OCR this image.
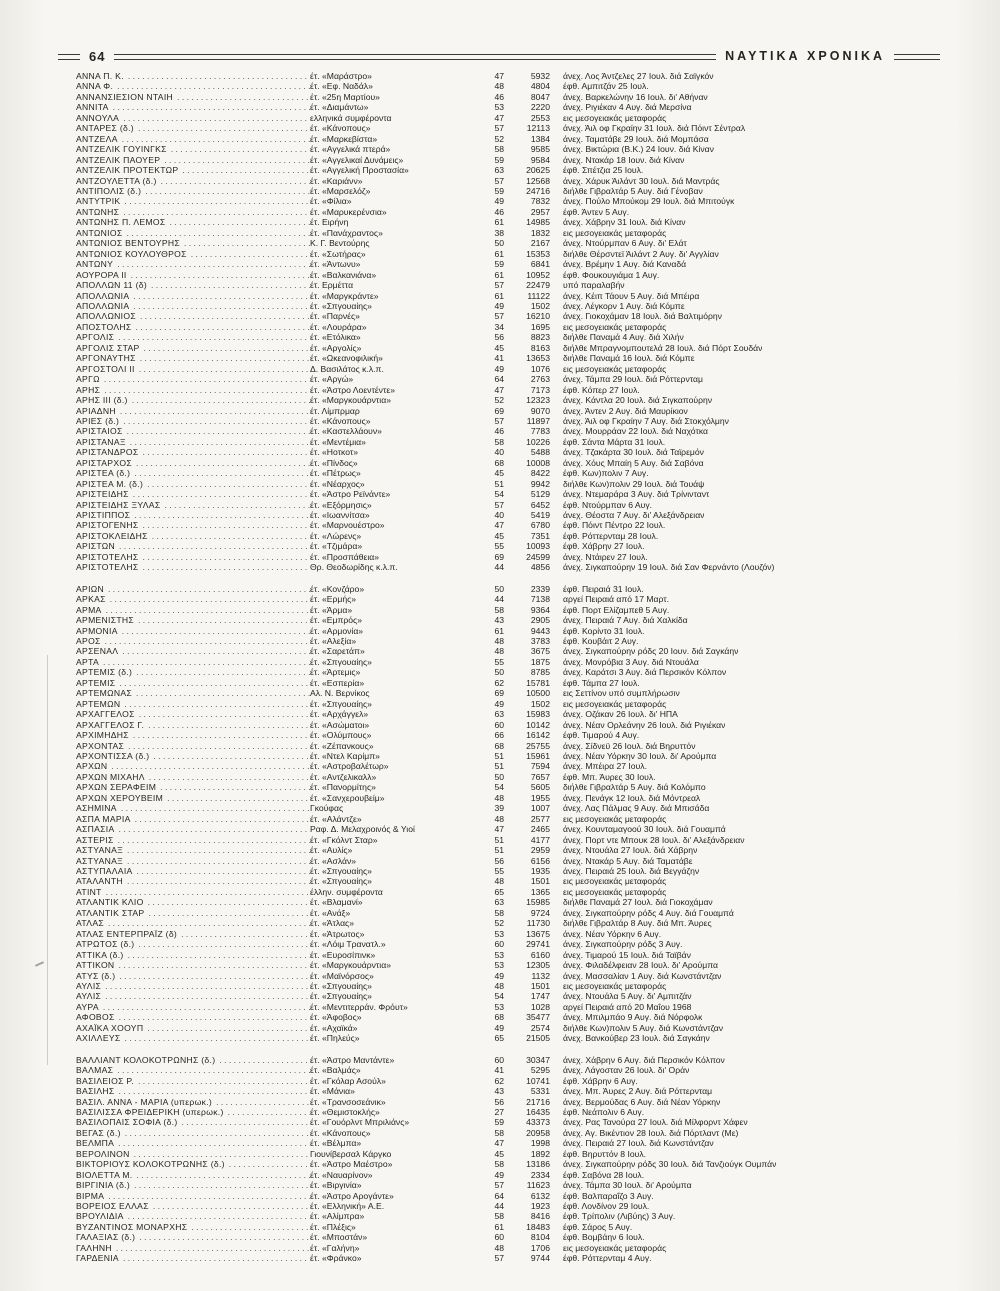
64	ΝΑΥΤΙΚΑ ΧΡΟΝΙΚΑ
ΑΝΝΑ Π. Κ. . . .	έτ. «Μαράστρο»	47	5932	άνεχ. Λος Άντζελες 27 Ιουλ. διά Σαϊγκόν
ΑΝΝΑ Φ. . . .	έτ. «Εφ. Ναδάλ»	48	4804	έφθ. Αμπιτζάν 25 Ιουλ.
ΑΝΝΑΝΣΙΕΣΙΟΝ ΝΤΑΙΗ . . .	έτ. «25η Μαρτίου»	46	8047	άνεχ. Βαρκελώνην 16 Ιουλ. δι' Αθήναν
ΑΝΝΙΤΑ . . .	έτ. «Διαμάντω»	53	2220	άνεχ. Ριγιέκαν 4 Αυγ. διά Μερσίνα
ΑΝΝΟΥΛΑ . . .	ελληνικά συμφέροντα	47	2553	εις μεσογειακάς μεταφοράς
ΑΝΤΑΡΕΣ (δ.) . . .	έτ. «Κάνοπους»	57	12113	άνεχ. Άιλ οφ Γκραίην 31 Ιουλ. διά Πόιντ Σέντραλ
ΑΝΤΖΕΛΑ . . .	έτ. «Μαρκεβίστα»	52	1384	άνεχ. Ταματάβε 29 Ιουλ. διά Μομπάσα
ΑΝΤΖΕΛΙΚ ΓΟΥΙΝΓΚΣ . . .	έτ. «Αγγελικά πτερά»	58	9585	άνεχ. Βικτώρια (Β.Κ.) 24 Ιουν. διά Κίναν
ΑΝΤΖΕΛΙΚ ΠΑΟΥΕΡ . . .	έτ. «Αγγελικαί Δυνάμεις»	59	9584	άνεχ. Ντακάρ 18 Ιουν. διά Κίναν
ΑΝΤΖΕΛΙΚ ΠΡΟΤΕΚΤΩΡ . . .	έτ. «Αγγελική Προστασία»	63	20625	έφθ. Σπέτζια 25 Ιουλ.
ΑΝΤΖΟΥΛΕΤΤΑ (δ.) . . .	έτ. «Καριάνν»	57	12568	άνεχ. Χάρυκ Άιλάντ 30 Ιουλ. διά Μαντράς
ΑΝΤΙΠΟΛΙΣ (δ.) . . .	έτ. «Μαρσελόζ»	59	24716	διήλθε Γιβραλτάρ 5 Αυγ. διά Γένοβαν
ΑΝΤΥΤΡΙΚ . . .	έτ. «Φίλια»	49	7832	άνεχ. Πούλο Μπούκομ 29 Ιουλ. διά Μπιτούγκ
ΑΝΤΩΝΗΣ . . .	έτ. «Μαρυκερένσια»	46	2957	έφθ. Άντεν 5 Αυγ.
ΑΝΤΩΝΗΣ Π. ΛΕΜΟΣ . . .	έτ. Ειρήνη	61	14985	άνεχ. Χάβρην 31 Ιουλ. διά Κίναν
ΑΝΤΩΝΙΟΣ . . .	έτ. «Πανάχραντος»	38	1832	εις μεσογειακάς μεταφοράς
ΑΝΤΩΝΙΟΣ ΒΕΝΤΟΥΡΗΣ . . .	Κ. Γ. Βεντούρης	50	2167	άνεχ. Ντούρμπαν 6 Αυγ. δι' Ελάτ
ΑΝΤΩΝΙΟΣ ΚΟΥΛΟΥΘΡΟΣ . . .	έτ. «Σωτήρας»	61	15353	διήλθε Θέρσντεϊ Άιλάντ 2 Αυγ. δι' Αγγλίαν
ΑΝΤΩΝΥ . . .	έτ. «Άντωνυ»	59	6841	άνεχ. Βρέμην 1 Αυγ. διά Καναδά
ΑΟΥΡΟΡΑ ΙΙ . . .	έτ. «Βαλκανιάνα»	61	10952	έφθ. Φουκουγιάμα 1 Αυγ.
ΑΠΟΛΛΩΝ 11 (δ) . . .	έτ. Ερμέττα	57	22479	υπό παραλαβήν
ΑΠΟΛΛΩΝΙΑ . . .	έτ. «Μαργκράντε»	61	11122	άνεχ. Κέιπ Τάουν 5 Αυγ. διά Μπέιρα
ΑΠΟΛΛΩΝΙΑ . . .	έτ. «Σπγουαίης»	49	1502	άνεχ. Λέγκορν 1 Αυγ. διά Κόμπε
ΑΠΟΛΛΩΝΙΟΣ . . .	έτ. «Παρνές»	57	16210	άνεχ. Γιοκοχάμαν 18 Ιουλ. διά Βαλτιμόρην
ΑΠΟΣΤΟΛΗΣ . . .	έτ. «Λουράρα»	34	1695	εις μεσογειακάς μεταφοράς
ΑΡΓΟΛΙΣ . . .	έτ. «Ετόλικα»	56	8823	διήλθε Παναμά 4 Αυγ. διά Χιλήν
ΑΡΓΟΛΙΣ ΣΤΑΡ . . .	έτ. «Αργολίς»	45	8163	διήλθε Μπραγνομπουτελά 28 Ιουλ. διά Πόρτ Σουδάν
ΑΡΓΟΝΑΥΤΗΣ . . .	έτ. «Ωκεανοφιλική»	41	13653	διήλθε Παναμά 16 Ιουλ. διά Κόμπε
ΑΡΓΟΣΤΟΛΙ ΙΙ . . .	Δ. Βασιλάτος κ.λ.π.	49	1076	εις μεσογειακάς μεταφοράς
ΑΡΓΩ . . .	έτ. «Αργώ»	64	2763	άνεχ. Τάμπα 29 Ιουλ. διά Ρόττερνταμ
ΑΡΗΣ . . .	έτ. «Άστρο Λοεντέντε»	47	7173	έφθ. Κόπερ 27 Ιουλ.
ΑΡΗΣ ΙΙΙ (δ.) . . .	έτ. «Μαργκουάρντια»	52	12323	άνεχ. Κάντλα 20 Ιουλ. διά Σιγκαπούρην
ΑΡΙΑΔΝΗ . . .	έτ. Λίμπρμαρ	69	9070	άνεχ. Άντεν 2 Αυγ. διά Μαυρίκιον
ΑΡΙΕΣ (δ.) . . .	έτ. «Κάνοπους»	57	11897	άνεχ. Άιλ οφ Γκραίην 7 Αυγ. διά Στοκχόλμην
ΑΡΙΣΤΑΙΟΣ . . .	έτ. «Καστελλάουν»	46	7783	άνεχ. Μουρράαν 22 Ιουλ. διά Ναχότκα
ΑΡΙΣΤΑΝΑΞ . . .	έτ. «Μεντέμια»	58	10226	έφθ. Σάντα Μάρτα 31 Ιουλ.
ΑΡΙΣΤΑΝΔΡΟΣ . . .	έτ. «Ηοτκοτ»	40	5488	άνεχ. Τζακάρτα 30 Ιουλ. διά Ταϊρεμόν
ΑΡΙΣΤΑΡΧΟΣ . . .	έτ. «Πίνδος»	68	10008	άνεχ. Χόυς Μπαίη 5 Αυγ. διά Σαβόνα
ΑΡΙΣΤΕΑ (δ.) . . .	έτ. «Πέτρως»	45	8422	έφθ. Κων)πολιν 7 Αυγ.
ΑΡΙΣΤΕΑ Μ. (δ.) . . .	έτ. «Νέαρχος»	51	9942	διήλθε Κων)πολιν 29 Ιουλ. διά Τουάψ
ΑΡΙΣΤΕΙΔΗΣ . . .	έτ. «Άστρο Ρεϊνάντε»	54	5129	άνεχ. Ντεμαράρα 3 Αυγ. διά Τρίνινταντ
ΑΡΙΣΤΕΙΔΗΣ ΞΥΛΑΣ . . .	έτ. «Εξόρμησις»	57	6452	έφθ. Ντούρμπαν 6 Αυγ.
ΑΡΙΣΤΙΠΠΟΣ . . .	έτ. «Ιωαννίτσα»	40	5419	άνεχ. Θέοστα 7 Αυγ. δι' Αλεξάνδρειαν
ΑΡΙΣΤΟΓΕΝΗΣ . . .	έτ. «Μαρνουέστρο»	47	6780	έφθ. Πόιντ Πέντρο 22 Ιουλ.
ΑΡΙΣΤΟΚΛΕΙΔΗΣ . . .	έτ. «Λώρενς»	45	7351	έφθ. Ρόττερνταμ 28 Ιουλ.
ΑΡΙΣΤΩΝ . . .	έτ. «Τζιμάρα»	55	10093	έφθ. Χάβρην 27 Ιουλ.
ΑΡΙΣΤΟΤΕΛΗΣ . . .	έτ. «Προσπάθεια»	69	24599	άνεχ. Ντάιρεν 27 Ιουλ.
ΑΡΙΣΤΟΤΕΛΗΣ . . .	Θρ. Θεοδωρίδης κ.λ.π.	44	4856	άνεχ. Σιγκαπούρην 19 Ιουλ. διά Σαν Φερνάντο (Λουζόν)
ΑΡΙΩΝ . . .	έτ. «Κονζάρο»	50	2339	έφθ. Πειραιά 31 Ιουλ.
ΑΡΚΑΣ . . .	έτ. «Ερμής»	44	7138	αργεί Πειραιά από 17 Μαρτ.
ΑΡΜΑ . . .	έτ. «Άρμα»	58	9364	έφθ. Πορτ Ελίζαμπεθ 5 Αυγ.
ΑΡΜΕΝΙΣΤΗΣ . . .	έτ. «Εμπρός»	43	2905	άνεχ. Πειραιά 7 Αυγ. διά Χαλκίδα
ΑΡΜΟΝΙΑ . . .	έτ. «Αρμονία»	61	9443	έφθ. Κορίντο 31 Ιουλ.
ΑΡΟΣ . . .	έτ. «Αλεξία»	48	3783	έφθ. Κουβάιτ 2 Αυγ.
ΑΡΣΕΝΑΛ . . .	έτ. «Σαρετάπ»	48	3675	άνεχ. Σιγκαπούρην ρόδς 20 Ιουν. διά Σαγκάην
ΑΡΤΑ . . .	έτ. «Σπγουαίης»	55	1875	άνεχ. Μονρόβια 3 Αυγ. διά Ντουάλα
ΑΡΤΕΜΙΣ (δ.) . . .	έτ. «Άρτεμις»	50	8785	άνεχ. Καράτσι 3 Αυγ. διά Περσικόν Κόλπον
ΑΡΤΕΜΙΣ . . .	έτ. «Εσπερία»	62	15781	έφθ. Τάμπα 27 Ιουλ.
ΑΡΤΕΜΩΝΑΣ . . .	Αλ. Ν. Βερνίκος	69	10500	εις Σεττίνον υπό συμπλήρωσιν
ΑΡΤΕΜΩΝ . . .	έτ. «Σπγουαίης»	49	1502	εις μεσογειακάς μεταφοράς
ΑΡΧΑΓΓΕΛΟΣ . . .	έτ. «Αρχάγγελ»	63	15983	άνεχ. Οζάκαν 26 Ιουλ. δι' ΗΠΑ
ΑΡΧΑΓΓΕΛΟΣ Γ. . . .	έτ. «Ασώματοι»	60	10142	άνεχ. Νέαν Ορλεάνην 26 Ιουλ. διά Ριγιέκαν
ΑΡΧΙΜΗΔΗΣ . . .	έτ. «Ολύμπους»	66	16142	έφθ. Τιμαρού 4 Αυγ.
ΑΡΧΟΝΤΑΣ . . .	έτ. «Ζέπανκους»	68	25755	άνεχ. Σίδνεϋ 26 Ιουλ. διά Βηρυττόν
ΑΡΧΟΝΤΙΣΣΑ (δ.) . . .	έτ. «Ντελ Καρίμπ»	51	15961	άνεχ. Νέαν Υόρκην 30 Ιουλ. δι' Αρούμπα
ΑΡΧΩΝ . . .	έτ. «Αστροβαλέτωρ»	51	7594	άνεχ. Μπέιρα 27 Ιουλ.
ΑΡΧΩΝ ΜΙΧΑΗΛ . . .	έτ. «Αντζελικαλλ»	50	7657	έφθ. Μπ. Άυρες 30 Ιουλ.
ΑΡΧΩΝ ΣΕΡΑΦΕΙΜ . . .	έτ. «Πανορμίτης»	54	5605	διήλθε Γιβραλτάρ 5 Αυγ. διά Κολόμπο
ΑΡΧΩΝ ΧΕΡΟΥΒΕΙΜ . . .	έτ. «Σανχερουβείμ»	48	1955	άνεχ. Πενάγκ 12 Ιουλ. διά Μόντρεαλ
ΑΣΗΜΙΝΑ . . .	Γκούφας	39	1007	άνεχ. Λας Πάλμας 9 Αυγ. διά Μπισάδα
ΑΣΠΑ ΜΑΡΙΑ . . .	έτ. «Αλάντζε»	48	2577	εις μεσογειακάς μεταφοράς
ΑΣΠΑΣΙΑ . . .	Ραφ. Δ. Μελαχροινός & Υιοί	47	2465	άνεχ. Κουνταμαγοού 30 Ιουλ. διά Γουαμπά
ΑΣΤΕΡΙΣ . . .	έτ. «Γκόλντ Σταρ»	51	4177	άνεχ. Πορτ ντε Μπουκ 28 Ιουλ. δι' Αλεξάνδρειαν
ΑΣΤΥΑΝΑΞ . . .	έτ. «Αυλίς»	51	2959	άνεχ. Ντουάλα 27 Ιουλ. διά Χάβρην
ΑΣΤΥΑΝΑΞ . . .	έτ. «Ασλάν»	56	6156	άνεχ. Ντακάρ 5 Αυγ. διά Ταματάβε
ΑΣΤΥΠΑΛΑΙΑ . . .	έτ. «Σπγουαίης»	55	1935	άνεχ. Πειραιά 25 Ιουλ. διά Βεγγάζην
ΑΤΑΛΑΝΤΗ . . .	έτ. «Σπγουαίης»	48	1501	εις μεσογειακάς μεταφοράς
ΑΤΙΝΤ . . .	έλλην. συμφέροντα	65	1365	εις μεσογειακάς μεταφοράς
ΑΤΛΑΝΤΙΚ ΚΛΙΟ . . .	έτ. «Βλαμανί»	63	15985	διήλθε Παναμά 27 Ιουλ. διά Γιοκοχάμαν
ΑΤΛΑΝΤΙΚ ΣΤΑΡ . . .	έτ. «Ανάξ»	58	9724	άνεχ. Σιγκαπούρην ρόδς 4 Αυγ. διά Γουαμπά
ΑΤΛΑΣ . . .	έτ. «Άτλας»	52	11730	διήλθε Γιβραλτάρ 8 Αυγ. διά Μπ. Άυρες
ΑΤΛΑΣ ΕΝΤΕΡΠΡΑΪΖ (δ) . . .	έτ. «Άτρωτος»	53	13675	άνεχ. Νέαν Υόρκην 6 Αυγ.
ΑΤΡΩΤΟΣ (δ.) . . .	έτ. «Λόιμ Τρανατλ.»	60	29741	άνεχ. Σιγκαπούρην ρόδς 3 Αυγ.
ΑΤΤΙΚΑ (δ.) . . .	έτ. «Ευροσίπινκ»	53	6160	άνεχ. Τιμαρού 15 Ιουλ. διά Ταϊβάν
ΑΤΤΙΚΟΝ . . .	έτ. «Μαργκουάρντια»	53	12305	άνεχ. Φιλαδέλφειαν 28 Ιουλ. δι' Αρούμπα
ΑΤΥΣ (δ.) . . .	έτ. «Μαϊνόρσος»	49	1132	άνεχ. Μασσαλίαν 1 Αυγ. διά Κωνστάντζαν
ΑΥΛΙΣ . . .	έτ. «Σπγουαίης»	48	1501	εις μεσογειακάς μεταφοράς
ΑΥΛΙΣ . . .	έτ. «Σπγουαίης»	54	1747	άνεχ. Ντουάλα 5 Αυγ. δι' Αμπιτζάν
ΑΥΡΑ . . .	έτ. «Μεντιτερράν. Φρόυτ»	53	1028	αργεί Πειραιά από 20 Μαΐου 1968
ΑΦΟΒΟΣ . . .	έτ. «Άφοβος»	68	35477	άνεχ. Μπιλμπάο 9 Αυγ. διά Νόρφολκ
ΑΧΑΪΚΑ ΧΟΟΥΠ . . .	έτ. «Αχαϊκά»	49	2574	διήλθε Κων)πολιν 5 Αυγ. διά Κωνστάντζαν
ΑΧΙΛΛΕΥΣ . . .	έτ. «Πηλεύς»	65	21505	άνεχ. Βανκούβερ 23 Ιουλ. διά Σαγκάην
ΒΑΛΛΙΑΝΤ ΚΟΛΟΚΟΤΡΩΝΗΣ (δ.) . . .	έτ. «Άστρο Μαντάντε»	60	30347	άνεχ. Χάβρην 6 Αυγ. διά Περσικόν Κόλπον
ΒΑΛΜΑΣ . . .	έτ. «Βαλμάς»	41	5295	άνεχ. Λάγοσταν 26 Ιουλ. δι' Οράν
ΒΑΣΙΛΕΙΟΣ Ρ. . . .	έτ. «Γκόλαρ Ασούλ»	62	10741	έφθ. Χάβρην 6 Αυγ.
ΒΑΣΙΛΗΣ . . .	έτ. «Μάνια»	43	5331	άνεχ. Μπ. Άυρες 2 Αυγ. διά Ρόττερνταμ
ΒΑΣΙΛ. ΑΝΝΑ - ΜΑΡΙΑ (υπερωκ.) . . .	έτ. «Τρανσοσεάνικ»	56	21716	άνεχ. Βερμούδας 6 Αυγ. διά Νέαν Υόρκην
ΒΑΣΙΛΙΣΣΑ ΦΡΕΙΔΕΡΙΚΗ (υπερωκ.) . . .	έτ. «Θεμιστοκλής»	27	16435	έφθ. Νεάπολιν 6 Αυγ.
ΒΑΣΙΛΟΠΑΙΣ ΣΟΦΙΑ (δ.) . . .	έτ. «Γουόρλντ Μπριλιάνς»	59	43373	άνεχ. Ρας Τανούρα 27 Ιουλ. διά Μίλφορντ Χάφεν
ΒΕΓΑΣ (δ.) . . .	έτ. «Κάνοπους»	58	20958	άνεχ. Αγ. Βικέντιον 28 Ιουλ. διά Πόρτλαντ (Με)
ΒΕΛΜΠΑ . . .	έτ. «Βέλμπα»	47	1998	άνεχ. Πειραιά 27 Ιουλ. διά Κωνστάντζαν
ΒΕΡΟΛΙΝΟΝ . . .	Γιουνίβερσαλ Κάργκο	45	1892	έφθ. Βηρυττόν 8 Ιουλ.
ΒΙΚΤΟΡΙΟΥΣ ΚΟΛΟΚΟΤΡΩΝΗΣ (δ.) . . .	έτ. «Άστρο Μαέστρο»	58	13186	άνεχ. Σιγκαπούρην ρόδς 30 Ιουλ. διά Τανζιούγκ Ουμπάν
ΒΙΟΛΕΤΤΑ Μ. . . .	έτ. «Ναυαρίνον»	49	2334	έφθ. Σαβόνα 28 Ιουλ.
ΒΙΡΓΙΝΙΑ (δ.) . . .	έτ. «Βιργινία»	57	11623	άνεχ. Τάμπα 30 Ιουλ. δι' Αρούμπα
ΒΙΡΜΑ . . .	έτ. «Άστρο Αρογάντε»	64	6132	έφθ. Βαλπαραΐζο 3 Αυγ.
ΒΟΡΕΙΟΣ ΕΛΛΑΣ . . .	έτ. «Ελληνική» Α.Ε.	44	1923	έφθ. Λονδίνον 29 Ιουλ.
ΒΡΟΥΛΙΔΙΑ . . .	έτ. «Αλίμπρα»	58	8416	έφθ. Τρίπολιν (Λιβύης) 3 Αυγ.
ΒΥΖΑΝΤΙΝΟΣ ΜΟΝΑΡΧΗΣ . . .	έτ. «Πλέξις»	61	18483	έφθ. Σάρος 5 Αυγ.
ΓΑΛΑΞΙΑΣ (δ.) . . .	έτ. «Μποστάν»	60	8104	έφθ. Βομβάην 6 Ιουλ.
ΓΑΛΗΝΗ . . .	έτ. «Γαλήνη»	48	1706	εις μεσογειακάς μεταφοράς
ΓΑΡΔΕΝΙΑ . . .	έτ. «Φράνκο»	57	9744	έφθ. Ρόττερνταμ 4 Αυγ.
